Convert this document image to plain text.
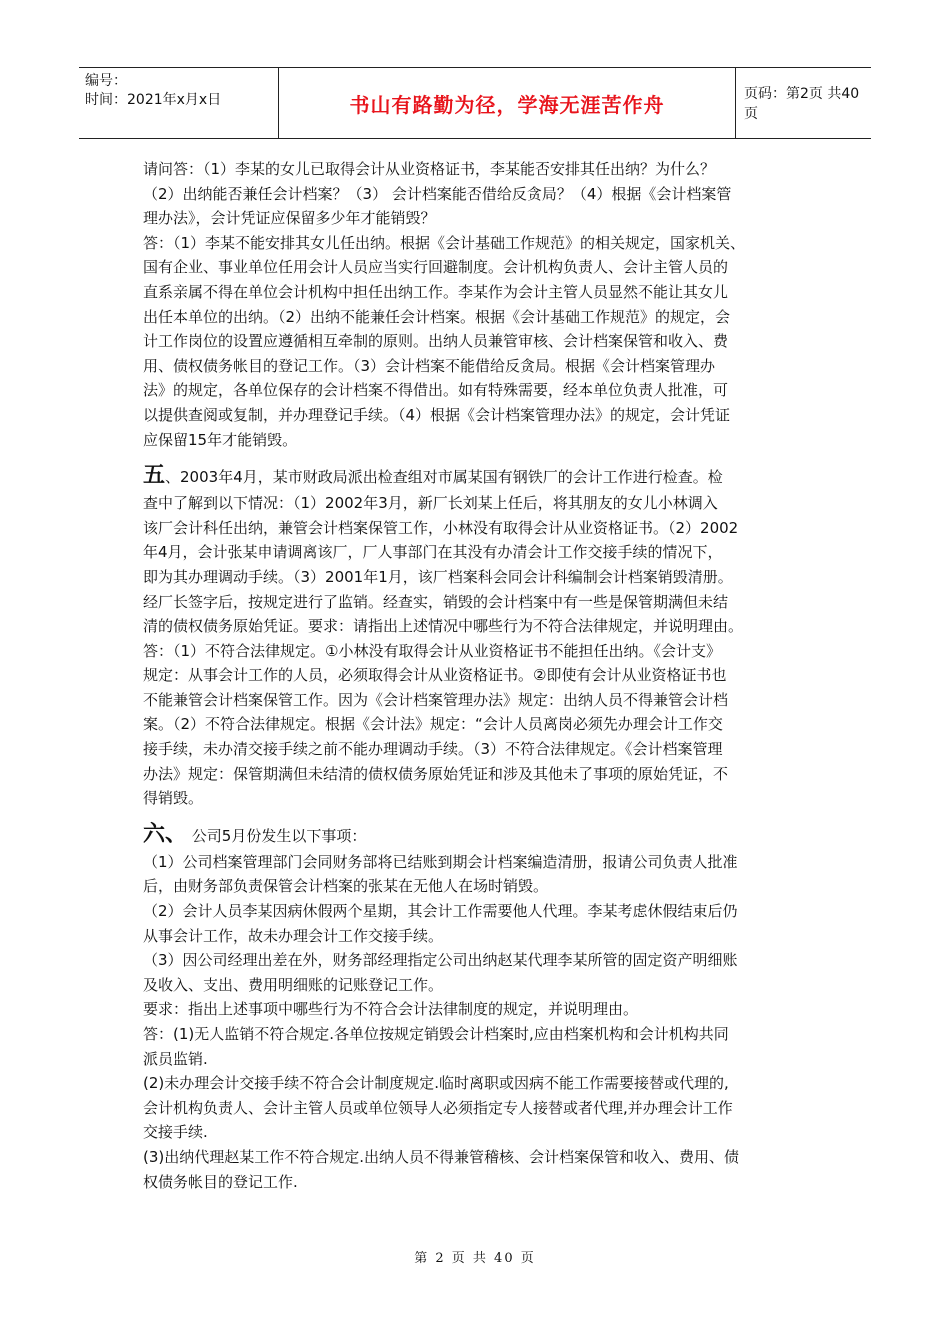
编号：
时间：2021年x月x日	书山有路勤为径，学海无涯苦作舟	页码：第2页 共40页

请问答：（1）李某的女儿已取得会计从业资格证书，李某能否安排其任出纳？为什么？

（2）出纳能否兼任会计档案？（3） 会计档案能否借给反贪局？（4）根据《会计档案管

理办法》，会计凭证应保留多少年才能销毁？

答：（1）李某不能安排其女儿任出纳。根据《会计基础工作规范》的相关规定，国家机关、

国有企业、事业单位任用会计人员应当实行回避制度。会计机构负责人、会计主管人员的

直系亲属不得在单位会计机构中担任出纳工作。李某作为会计主管人员显然不能让其女儿

出任本单位的出纳。（2）出纳不能兼任会计档案。根据《会计基础工作规范》的规定，会

计工作岗位的设置应遵循相互牵制的原则。出纳人员兼管审核、会计档案保管和收入、费

用、债权债务帐目的登记工作。（3）会计档案不能借给反贪局。根据《会计档案管理办

法》的规定，各单位保存的会计档案不得借出。如有特殊需要，经本单位负责人批准，可

以提供查阅或复制，并办理登记手续。（4）根据《会计档案管理办法》的规定，会计凭证

应保留15年才能销毁。

五、2003年4月，某市财政局派出检查组对市属某国有钢铁厂的会计工作进行检查。检

查中了解到以下情况：（1）2002年3月，新厂长刘某上任后，将其朋友的女儿小林调入

该厂会计科任出纳，兼管会计档案保管工作，小林没有取得会计从业资格证书。（2）2002

年4月，会计张某申请调离该厂，厂人事部门在其没有办清会计工作交接手续的情况下，

即为其办理调动手续。（3）2001年1月，该厂档案科会同会计科编制会计档案销毁清册。

经厂长签字后，按规定进行了监销。经查实，销毁的会计档案中有一些是保管期满但未结

清的债权债务原始凭证。要求：请指出上述情况中哪些行为不符合法律规定，并说明理由。

答：（1）不符合法律规定。①小林没有取得会计从业资格证书不能担任出纳。《会计支》

规定：从事会计工作的人员，必须取得会计从业资格证书。②即使有会计从业资格证书也

不能兼管会计档案保管工作。因为《会计档案管理办法》规定：出纳人员不得兼管会计档

案。（2）不符合法律规定。根据《会计法》规定：“会计人员离岗必须先办理会计工作交

接手续，未办清交接手续之前不能办理调动手续。（3）不符合法律规定。《会计档案管理

办法》规定：保管期满但未结清的债权债务原始凭证和涉及其他未了事项的原始凭证，不

得销毁。

六、 公司5月份发生以下事项：

（1）公司档案管理部门会同财务部将已结账到期会计档案编造清册，报请公司负责人批准

后，由财务部负责保管会计档案的张某在无他人在场时销毁。

（2）会计人员李某因病休假两个星期，其会计工作需要他人代理。李某考虑休假结束后仍

从事会计工作，故未办理会计工作交接手续。

（3）因公司经理出差在外，财务部经理指定公司出纳赵某代理李某所管的固定资产明细账

及收入、支出、费用明细账的记账登记工作。

要求：指出上述事项中哪些行为不符合会计法律制度的规定，并说明理由。

答：(1)无人监销不符合规定.各单位按规定销毁会计档案时,应由档案机构和会计机构共同

派员监销.

(2)未办理会计交接手续不符合会计制度规定.临时离职或因病不能工作需要接替或代理的,

会计机构负责人、会计主管人员或单位领导人必须指定专人接替或者代理,并办理会计工作

交接手续.

(3)出纳代理赵某工作不符合规定.出纳人员不得兼管稽核、会计档案保管和收入、费用、债

权债务帐目的登记工作.

第 2 页 共 40 页
